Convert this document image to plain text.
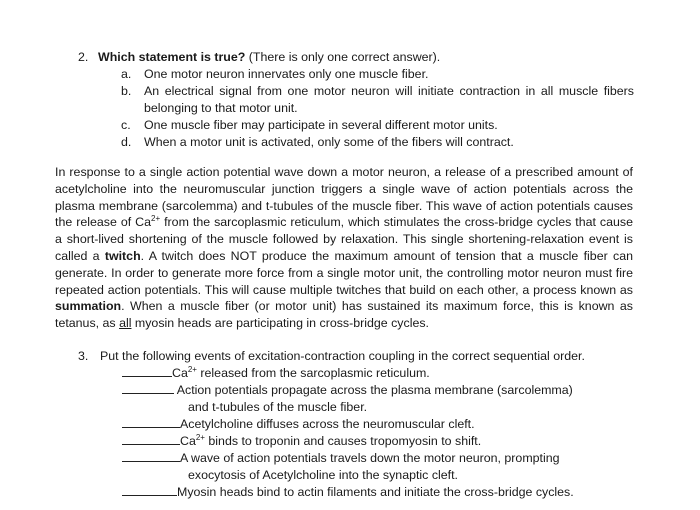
2. Which statement is true? (There is only one correct answer).
a. One motor neuron innervates only one muscle fiber.
b. An electrical signal from one motor neuron will initiate contraction in all muscle fibers belonging to that motor unit.
c. One muscle fiber may participate in several different motor units.
d. When a motor unit is activated, only some of the fibers will contract.

In response to a single action potential wave down a motor neuron, a release of a prescribed amount of acetylcholine into the neuromuscular junction triggers a single wave of action potentials across the plasma membrane (sarcolemma) and t-tubules of the muscle fiber. This wave of action potentials causes the release of $Ca^{2+}$ from the sarcoplasmic reticulum, which stimulates the cross-bridge cycles that cause a short-lived shortening of the muscle followed by relaxation. This single shortening-relaxation event is called a twitch. A twitch does NOT produce the maximum amount of tension that a muscle fiber can generate. In order to generate more force from a single motor unit, the controlling motor neuron must fire repeated action potentials. This will cause multiple twitches that build on each other, a process known as summation. When a muscle fiber (or motor unit) has sustained its maximum force, this is known as tetanus, as all myosin heads are participating in cross-bridge cycles.

3. Put the following events of excitation-contraction coupling in the correct sequential order.
$Ca^{2+}$ released from the sarcoplasmic reticulum.
Action potentials propagate across the plasma membrane (sarcolemma)
and t-tubules of the muscle fiber.
Acetylcholine diffuses across the neuromuscular cleft.
$Ca^{2+}$ binds to troponin and causes tropomyosin to shift.
A wave of action potentials travels down the motor neuron, prompting
exocytosis of Acetylcholine into the synaptic cleft.
Myosin heads bind to actin filaments and initiate the cross-bridge cycles.
